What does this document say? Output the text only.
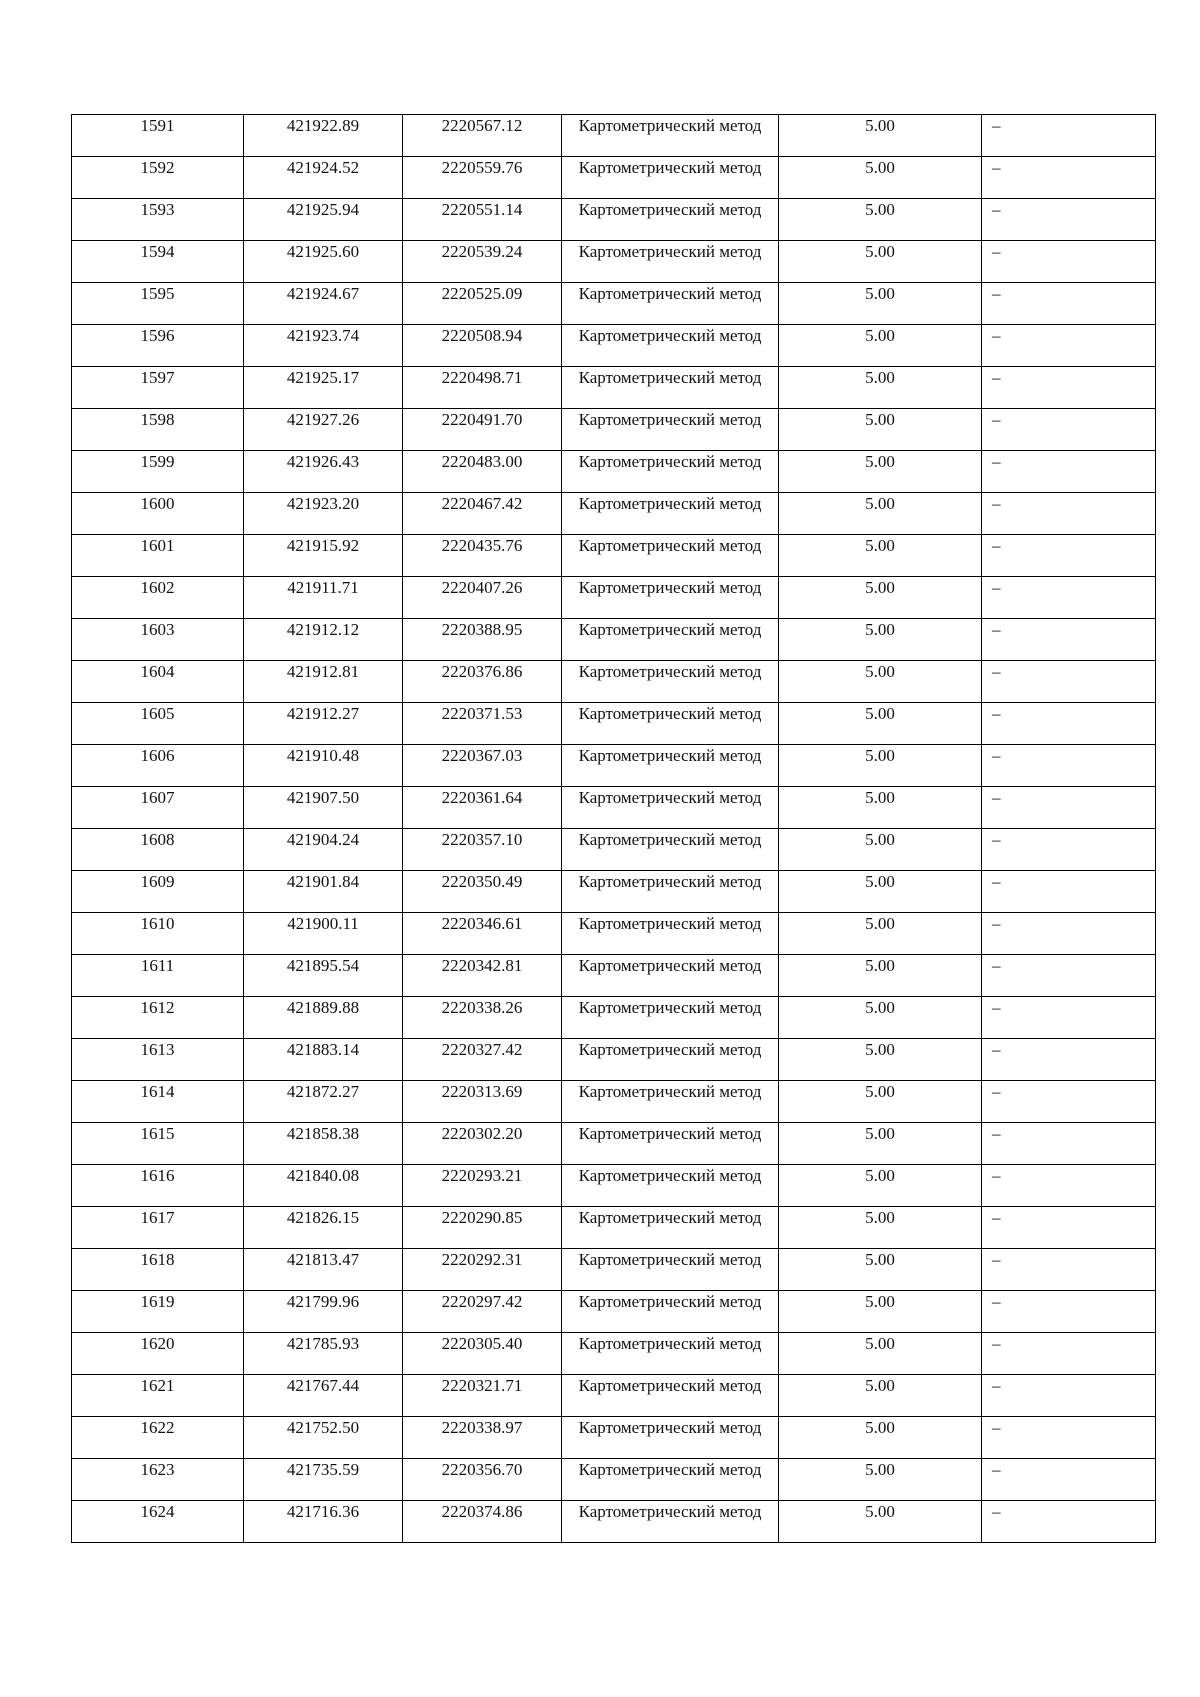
1591	421922.89	2220567.12	Картометрический метод	5.00	–

1592	421924.52	2220559.76	Картометрический метод	5.00	–

1593	421925.94	2220551.14	Картометрический метод	5.00	–

1594	421925.60	2220539.24	Картометрический метод	5.00	–

1595	421924.67	2220525.09	Картометрический метод	5.00	–

1596	421923.74	2220508.94	Картометрический метод	5.00	–

1597	421925.17	2220498.71	Картометрический метод	5.00	–

1598	421927.26	2220491.70	Картометрический метод	5.00	–

1599	421926.43	2220483.00	Картометрический метод	5.00	–

1600	421923.20	2220467.42	Картометрический метод	5.00	–

1601	421915.92	2220435.76	Картометрический метод	5.00	–

1602	421911.71	2220407.26	Картометрический метод	5.00	–

1603	421912.12	2220388.95	Картометрический метод	5.00	–

1604	421912.81	2220376.86	Картометрический метод	5.00	–

1605	421912.27	2220371.53	Картометрический метод	5.00	–

1606	421910.48	2220367.03	Картометрический метод	5.00	–

1607	421907.50	2220361.64	Картометрический метод	5.00	–

1608	421904.24	2220357.10	Картометрический метод	5.00	–

1609	421901.84	2220350.49	Картометрический метод	5.00	–

1610	421900.11	2220346.61	Картометрический метод	5.00	–

1611	421895.54	2220342.81	Картометрический метод	5.00	–

1612	421889.88	2220338.26	Картометрический метод	5.00	–

1613	421883.14	2220327.42	Картометрический метод	5.00	–

1614	421872.27	2220313.69	Картометрический метод	5.00	–

1615	421858.38	2220302.20	Картометрический метод	5.00	–

1616	421840.08	2220293.21	Картометрический метод	5.00	–

1617	421826.15	2220290.85	Картометрический метод	5.00	–

1618	421813.47	2220292.31	Картометрический метод	5.00	–

1619	421799.96	2220297.42	Картометрический метод	5.00	–

1620	421785.93	2220305.40	Картометрический метод	5.00	–

1621	421767.44	2220321.71	Картометрический метод	5.00	–

1622	421752.50	2220338.97	Картометрический метод	5.00	–

1623	421735.59	2220356.70	Картометрический метод	5.00	–

1624	421716.36	2220374.86	Картометрический метод	5.00	–
